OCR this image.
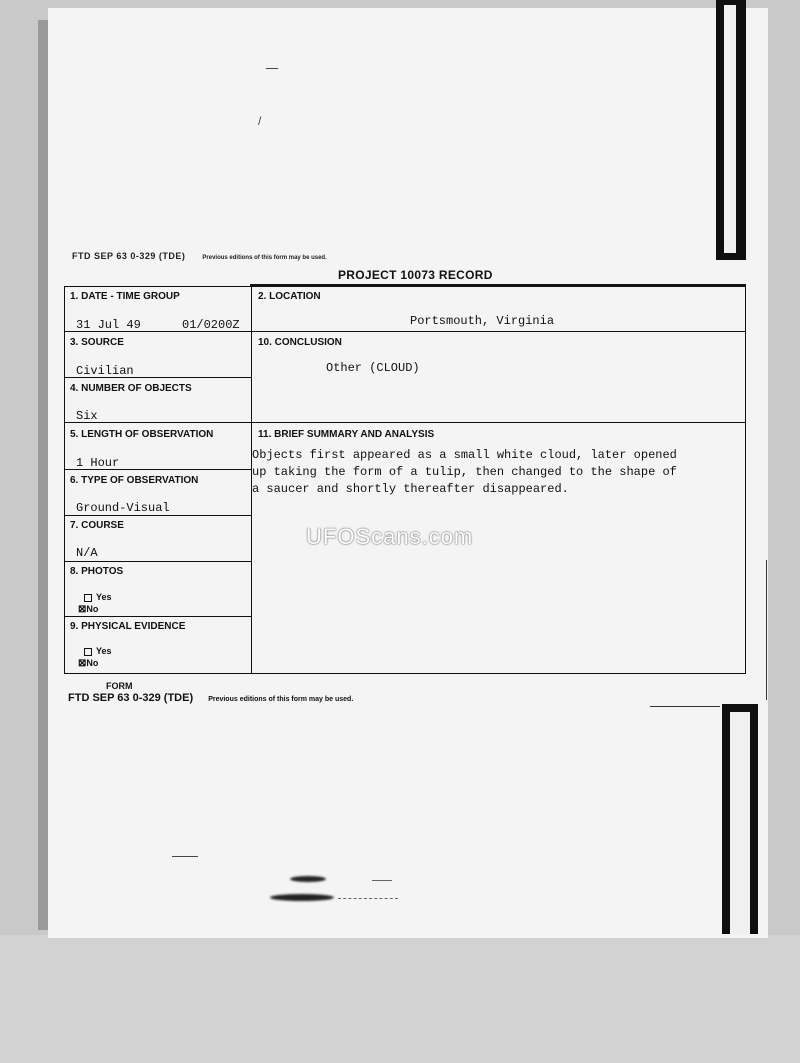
/
FTD SEP 63 0-329 (TDE)	Previous editions of this form may be used.
PROJECT 10073 RECORD
1. DATE - TIME GROUP
31 Jul 49	01/0200Z
2. LOCATION
Portsmouth, Virginia
3. SOURCE
Civilian
10. CONCLUSION
Other (CLOUD)
4. NUMBER OF OBJECTS
Six
5. LENGTH OF OBSERVATION
1 Hour
11. BRIEF SUMMARY AND ANALYSIS
Objects first appeared as a small white cloud, later opened
up taking the form of a tulip, then changed to the shape of
a saucer and shortly thereafter disappeared.
6. TYPE OF OBSERVATION
Ground-Visual
7. COURSE
N/A
8. PHOTOS
Yes
⊠No
9. PHYSICAL EVIDENCE
Yes
⊠No
UFOScans.com
FORM
FTD SEP 63 0-329 (TDE) Previous editions of this form may be used.
